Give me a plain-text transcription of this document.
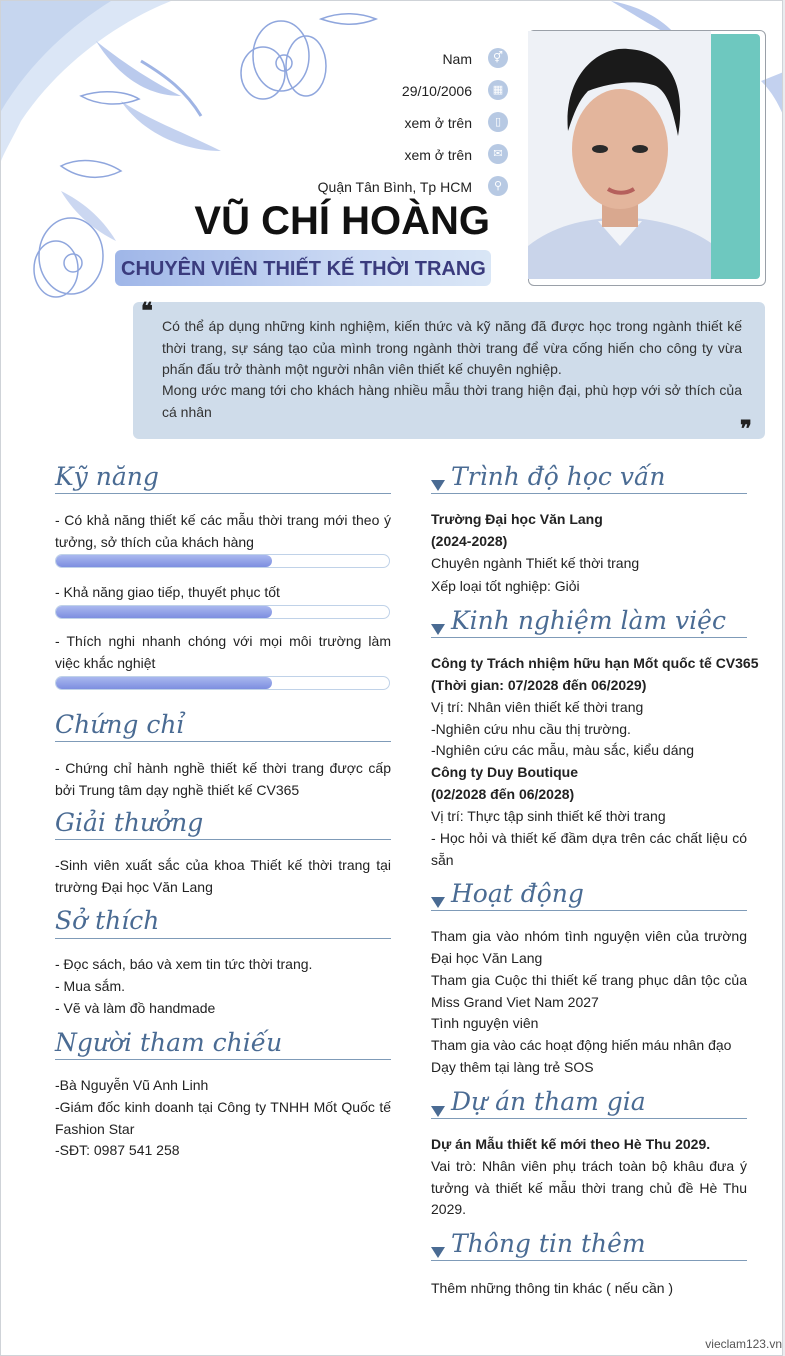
Nam	⚥
29/10/2006	▦
xem ở trên	▯
xem ở trên	✉
Quận Tân Bình, Tp HCM	⚲
VŨ CHÍ HOÀNG
CHUYÊN VIÊN THIẾT KẾ THỜI TRANG
❝

Có thể áp dụng những kinh nghiệm, kiến thức và kỹ năng đã được học trong ngành thiết kế thời trang, sự sáng tạo của mình trong ngành thời trang để vừa cống hiến cho công ty vừa phấn đấu trở thành một người nhân viên thiết kế chuyên nghiệp.

Mong ước mang tới cho khách hàng nhiều mẫu thời trang hiện đại, phù hợp với sở thích của cá nhân

❞
Kỹ năng
- Có khả năng thiết kế các mẫu thời trang mới theo ý tưởng, sở thích của khách hàng
- Khả năng giao tiếp, thuyết phục tốt
- Thích nghi nhanh chóng với mọi môi trường làm việc khắc nghiệt
Chứng chỉ
- Chứng chỉ hành nghề thiết kế thời trang được cấp bởi Trung tâm dạy nghề thiết kế CV365
Giải thưởng
-Sinh viên xuất sắc của khoa Thiết kế thời trang tại trường Đại học Văn Lang
Sở thích
- Đọc sách, báo và xem tin tức thời trang.
- Mua sắm.
- Vẽ và làm đồ handmade
Người tham chiếu
-Bà Nguyễn Vũ Anh Linh
-Giám đốc kinh doanh tại Công ty TNHH Mốt Quốc tế Fashion Star
-SĐT: 0987 541 258
Trình độ học vấn
Trường Đại học Văn Lang
(2024-2028)
Chuyên ngành Thiết kế thời trang
Xếp loại tốt nghiệp: Giỏi
Kinh nghiệm làm việc
Công ty Trách nhiệm hữu hạn Mốt quốc tế CV365
(Thời gian: 07/2028 đến 06/2029)
Vị trí: Nhân viên thiết kế thời trang
-Nghiên cứu nhu cầu thị trường.
-Nghiên cứu các mẫu, màu sắc, kiểu dáng
Công ty Duy Boutique
(02/2028 đến 06/2028)
Vị trí: Thực tập sinh thiết kế thời trang
- Học hỏi và thiết kế đầm dựa trên các chất liệu có sẵn
Hoạt động
Tham gia vào nhóm tình nguyện viên của trường Đại học Văn Lang
Tham gia Cuộc thi thiết kế trang phục dân tộc của Miss Grand Viet Nam 2027
Tình nguyện viên
Tham gia vào các hoạt động hiến máu nhân đạo
Dạy thêm tại làng trẻ SOS
Dự án tham gia
Dự án Mẫu thiết kế mới theo Hè Thu 2029.
Vai trò: Nhân viên phụ trách toàn bộ khâu đưa ý tưởng và thiết kế mẫu thời trang chủ đề Hè Thu 2029.
Thông tin thêm
Thêm những thông tin khác ( nếu cần )
vieclam123.vn
